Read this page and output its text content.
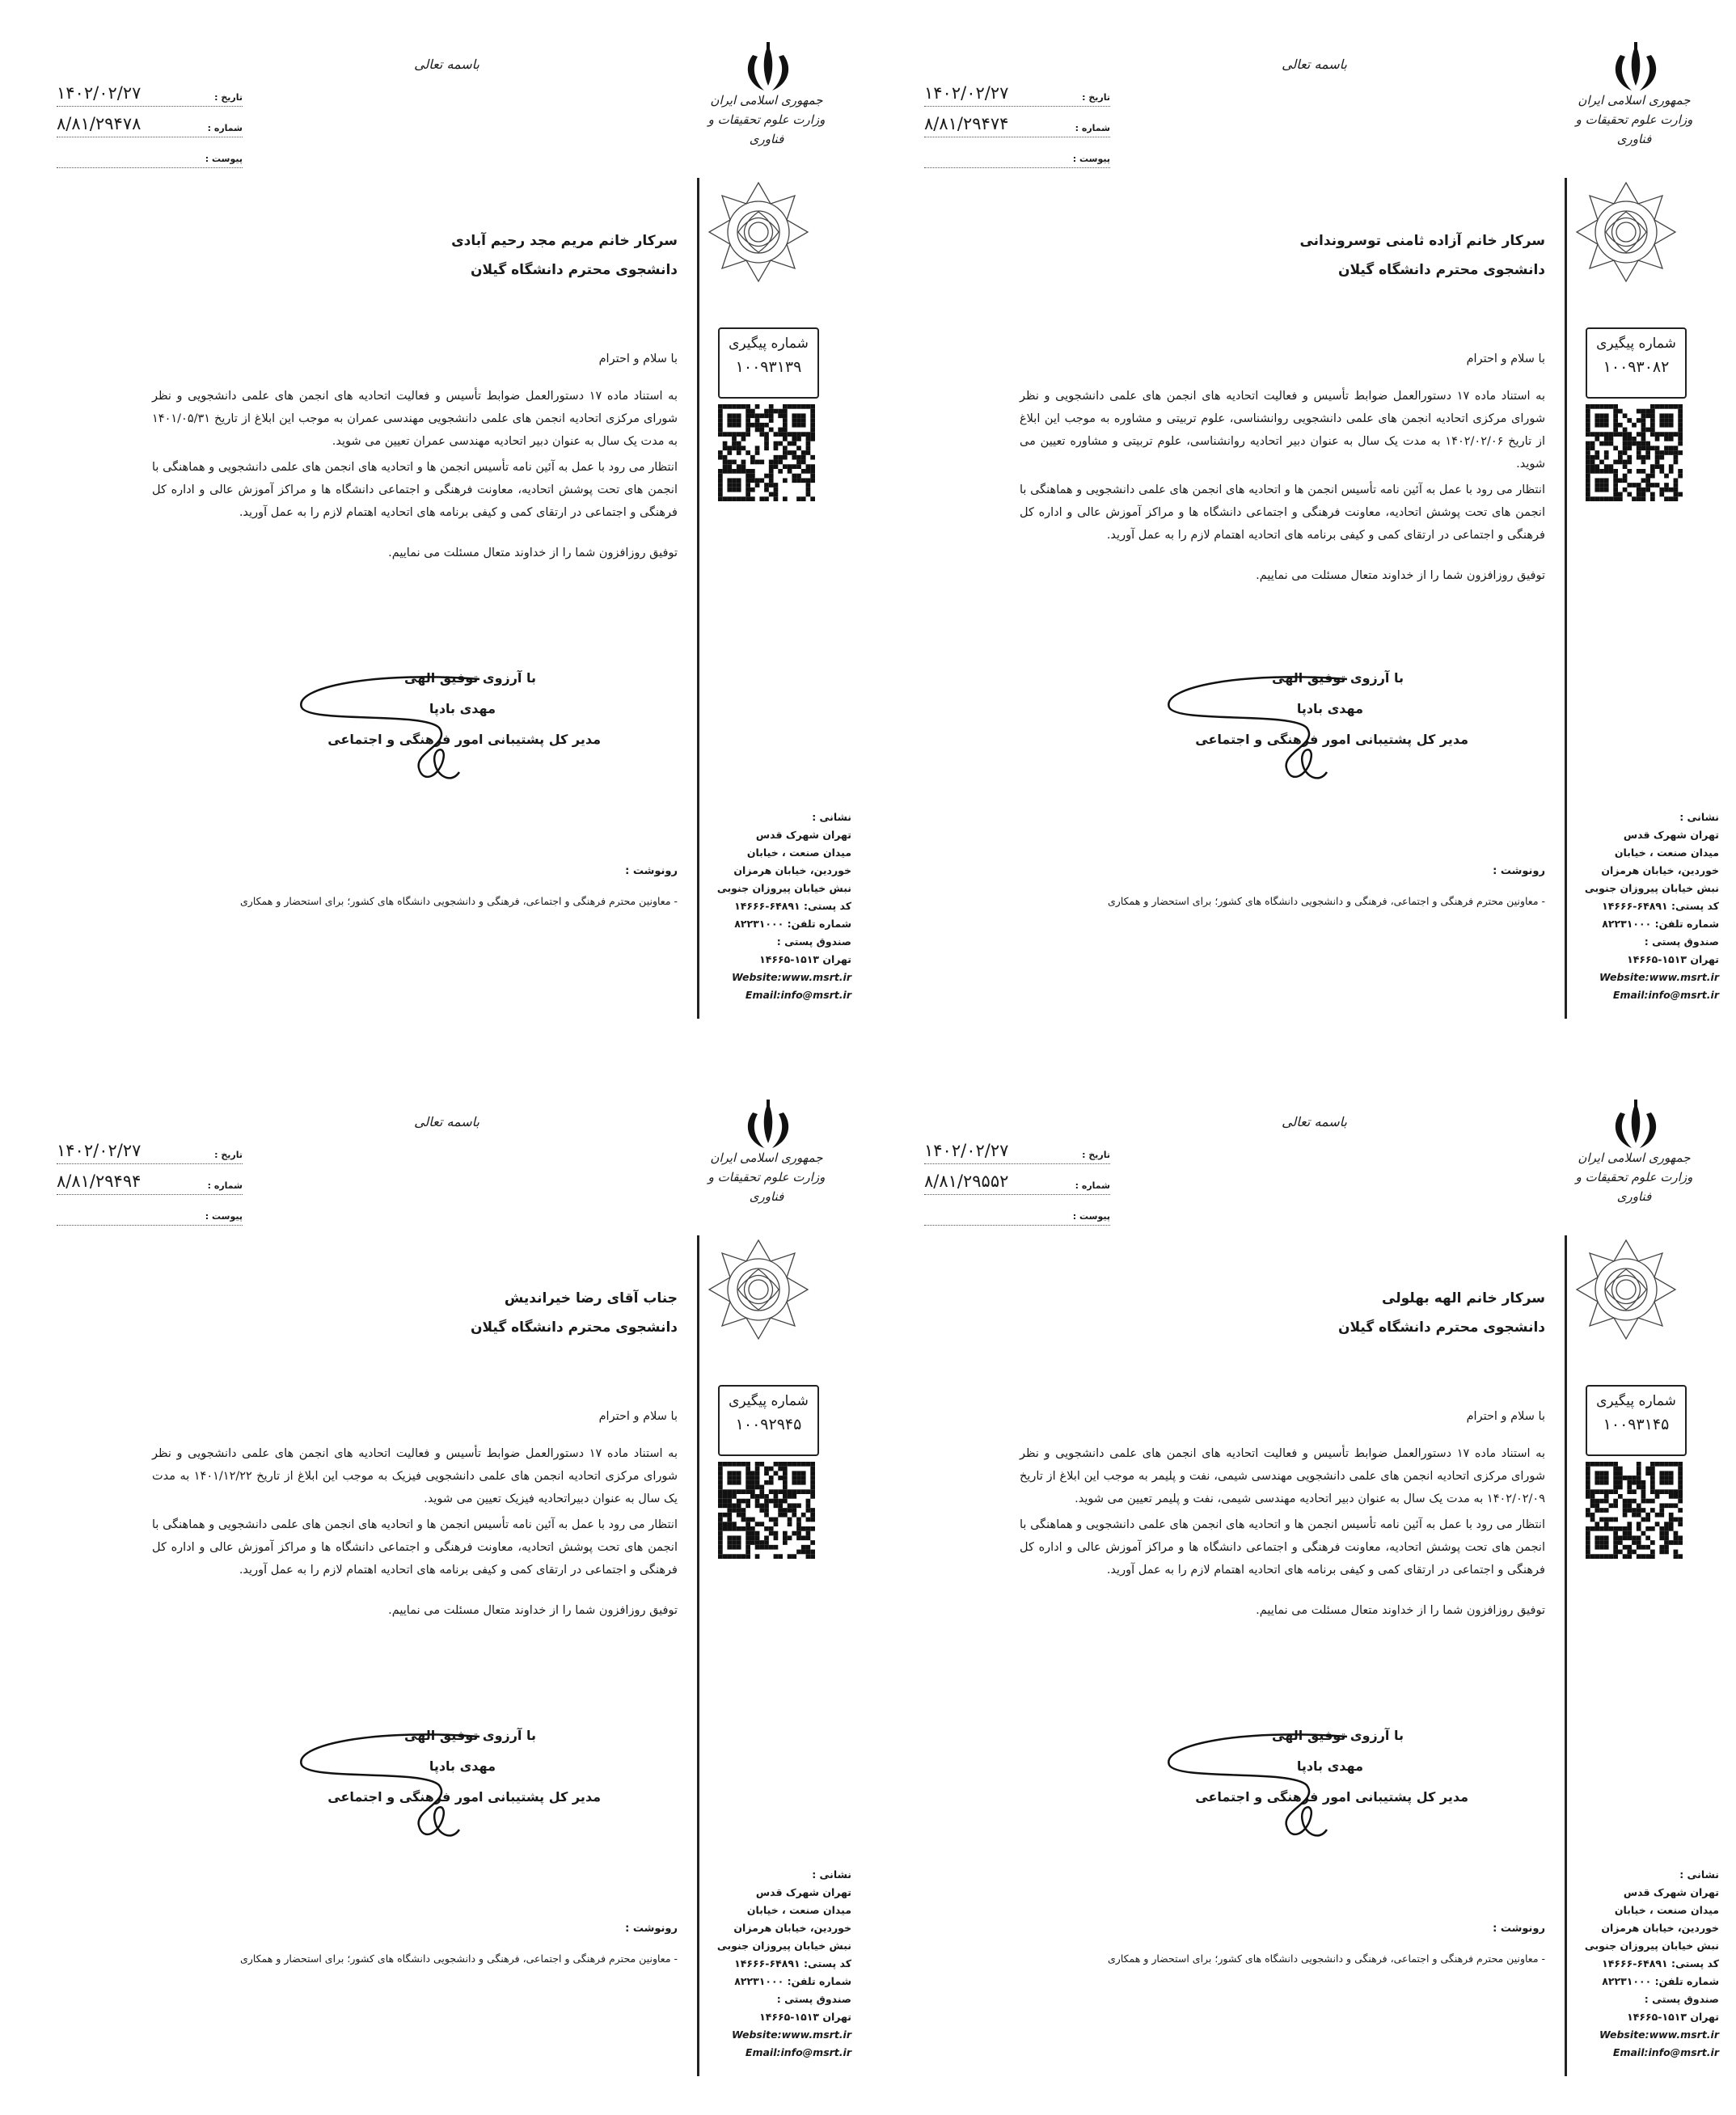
جمهوری اسلامی ایران
وزارت علوم تحقیقات و فناوری
باسمه تعالی
تاریخ :
۱۴۰۲/۰۲/۲۷
شماره :
۸/۸۱/۲۹۴۷۴
پیوست :
سرکار خانم آزاده ثامنی توسروندانی
دانشجوی محترم دانشگاه گیلان
شماره پیگیری
۱۰۰۹۳۰۸۲

با سلام و احترام

به استناد ماده ۱۷ دستورالعمل ضوابط تأسیس و فعالیت اتحادیه های انجمن های علمی دانشجویی و نظر شورای مرکزی اتحادیه انجمن های علمی دانشجویی روانشناسی، علوم تربیتی و مشاوره به موجب این ابلاغ از تاریخ ۱۴۰۲/۰۲/۰۶ به مدت یک سال به عنوان دبیر اتحادیه روانشناسی، علوم تربیتی و مشاوره تعیین می شوید.

انتظار می رود با عمل به آئین نامه تأسیس انجمن ها و اتحادیه های انجمن های علمی دانشجویی و هماهنگی با انجمن های تحت پوشش اتحادیه، معاونت فرهنگی و اجتماعی دانشگاه ها و مراکز آموزش عالی و اداره کل فرهنگی و اجتماعی در ارتقای کمی و کیفی برنامه های اتحادیه اهتمام لازم را به عمل آورید.

توفیق روزافزون شما را از خداوند متعال مسئلت می نماییم.

با آرزوی توفیق الهی
مهدی بادپا
مدیر کل پشتیبانی امور فرهنگی و اجتماعی
نشانی :
تهران شهرک قدس
میدان صنعت ، خیابان
خوردین، خیابان هرمزان
نبش خیابان پیروزان جنوبی
کد پستی: ۶۴۸۹۱-۱۴۶۶۶
شماره تلفن: ۸۲۲۳۱۰۰۰
صندوق پستی :
تهران ۱۵۱۳-۱۴۶۶۵
Website:www.msrt.ir
Email:info@msrt.ir
رونوشت :
- معاونین محترم فرهنگی و اجتماعی، فرهنگی و دانشجویی دانشگاه های کشور؛ برای استحضار و همکاری
جمهوری اسلامی ایران
وزارت علوم تحقیقات و فناوری
باسمه تعالی
تاریخ :
۱۴۰۲/۰۲/۲۷
شماره :
۸/۸۱/۲۹۴۷۸
پیوست :
سرکار خانم مریم مجد رحیم آبادی
دانشجوی محترم دانشگاه گیلان
شماره پیگیری
۱۰۰۹۳۱۳۹

با سلام و احترام

به استناد ماده ۱۷ دستورالعمل ضوابط تأسیس و فعالیت اتحادیه های انجمن های علمی دانشجویی و نظر شورای مرکزی اتحادیه انجمن های علمی دانشجویی مهندسی عمران به موجب این ابلاغ از تاریخ ۱۴۰۱/۰۵/۳۱ به مدت یک سال به عنوان دبیر اتحادیه مهندسی عمران تعیین می شوید.

انتظار می رود با عمل به آئین نامه تأسیس انجمن ها و اتحادیه های انجمن های علمی دانشجویی و هماهنگی با انجمن های تحت پوشش اتحادیه، معاونت فرهنگی و اجتماعی دانشگاه ها و مراکز آموزش عالی و اداره کل فرهنگی و اجتماعی در ارتقای کمی و کیفی برنامه های اتحادیه اهتمام لازم را به عمل آورید.

توفیق روزافزون شما را از خداوند متعال مسئلت می نماییم.

با آرزوی توفیق الهی
مهدی بادپا
مدیر کل پشتیبانی امور فرهنگی و اجتماعی
نشانی :
تهران شهرک قدس
میدان صنعت ، خیابان
خوردین، خیابان هرمزان
نبش خیابان پیروزان جنوبی
کد پستی: ۶۴۸۹۱-۱۴۶۶۶
شماره تلفن: ۸۲۲۳۱۰۰۰
صندوق پستی :
تهران ۱۵۱۳-۱۴۶۶۵
Website:www.msrt.ir
Email:info@msrt.ir
رونوشت :
- معاونین محترم فرهنگی و اجتماعی، فرهنگی و دانشجویی دانشگاه های کشور؛ برای استحضار و همکاری
جمهوری اسلامی ایران
وزارت علوم تحقیقات و فناوری
باسمه تعالی
تاریخ :
۱۴۰۲/۰۲/۲۷
شماره :
۸/۸۱/۲۹۵۵۲
پیوست :
سرکار خانم الهه بهلولی
دانشجوی محترم دانشگاه گیلان
شماره پیگیری
۱۰۰۹۳۱۴۵

با سلام و احترام

به استناد ماده ۱۷ دستورالعمل ضوابط تأسیس و فعالیت اتحادیه های انجمن های علمی دانشجویی و نظر شورای مرکزی اتحادیه انجمن های علمی دانشجویی مهندسی شیمی، نفت و پلیمر به موجب این ابلاغ از تاریخ ۱۴۰۲/۰۲/۰۹ به مدت یک سال به عنوان دبیر اتحادیه مهندسی شیمی، نفت و پلیمر تعیین می شوید.

انتظار می رود با عمل به آئین نامه تأسیس انجمن ها و اتحادیه های انجمن های علمی دانشجویی و هماهنگی با انجمن های تحت پوشش اتحادیه، معاونت فرهنگی و اجتماعی دانشگاه ها و مراکز آموزش عالی و اداره کل فرهنگی و اجتماعی در ارتقای کمی و کیفی برنامه های اتحادیه اهتمام لازم را به عمل آورید.

توفیق روزافزون شما را از خداوند متعال مسئلت می نماییم.

با آرزوی توفیق الهی
مهدی بادپا
مدیر کل پشتیبانی امور فرهنگی و اجتماعی
نشانی :
تهران شهرک قدس
میدان صنعت ، خیابان
خوردین، خیابان هرمزان
نبش خیابان پیروزان جنوبی
کد پستی: ۶۴۸۹۱-۱۴۶۶۶
شماره تلفن: ۸۲۲۳۱۰۰۰
صندوق پستی :
تهران ۱۵۱۳-۱۴۶۶۵
Website:www.msrt.ir
Email:info@msrt.ir
رونوشت :
- معاونین محترم فرهنگی و اجتماعی، فرهنگی و دانشجویی دانشگاه های کشور؛ برای استحضار و همکاری
جمهوری اسلامی ایران
وزارت علوم تحقیقات و فناوری
باسمه تعالی
تاریخ :
۱۴۰۲/۰۲/۲۷
شماره :
۸/۸۱/۲۹۴۹۴
پیوست :
جناب آقای رضا خیراندیش
دانشجوی محترم دانشگاه گیلان
شماره پیگیری
۱۰۰۹۲۹۴۵

با سلام و احترام

به استناد ماده ۱۷ دستورالعمل ضوابط تأسیس و فعالیت اتحادیه های انجمن های علمی دانشجویی و نظر شورای مرکزی اتحادیه انجمن های علمی دانشجویی فیزیک به موجب این ابلاغ از تاریخ ۱۴۰۱/۱۲/۲۲ به مدت یک سال به عنوان دبیراتحادیه فیزیک تعیین می شوید.

انتظار می رود با عمل به آئین نامه تأسیس انجمن ها و اتحادیه های انجمن های علمی دانشجویی و هماهنگی با انجمن های تحت پوشش اتحادیه، معاونت فرهنگی و اجتماعی دانشگاه ها و مراکز آموزش عالی و اداره کل فرهنگی و اجتماعی در ارتقای کمی و کیفی برنامه های اتحادیه اهتمام لازم را به عمل آورید.

توفیق روزافزون شما را از خداوند متعال مسئلت می نماییم.

با آرزوی توفیق الهی
مهدی بادپا
مدیر کل پشتیبانی امور فرهنگی و اجتماعی
نشانی :
تهران شهرک قدس
میدان صنعت ، خیابان
خوردین، خیابان هرمزان
نبش خیابان پیروزان جنوبی
کد پستی: ۶۴۸۹۱-۱۴۶۶۶
شماره تلفن: ۸۲۲۳۱۰۰۰
صندوق پستی :
تهران ۱۵۱۳-۱۴۶۶۵
Website:www.msrt.ir
Email:info@msrt.ir
رونوشت :
- معاونین محترم فرهنگی و اجتماعی، فرهنگی و دانشجویی دانشگاه های کشور؛ برای استحضار و همکاری
